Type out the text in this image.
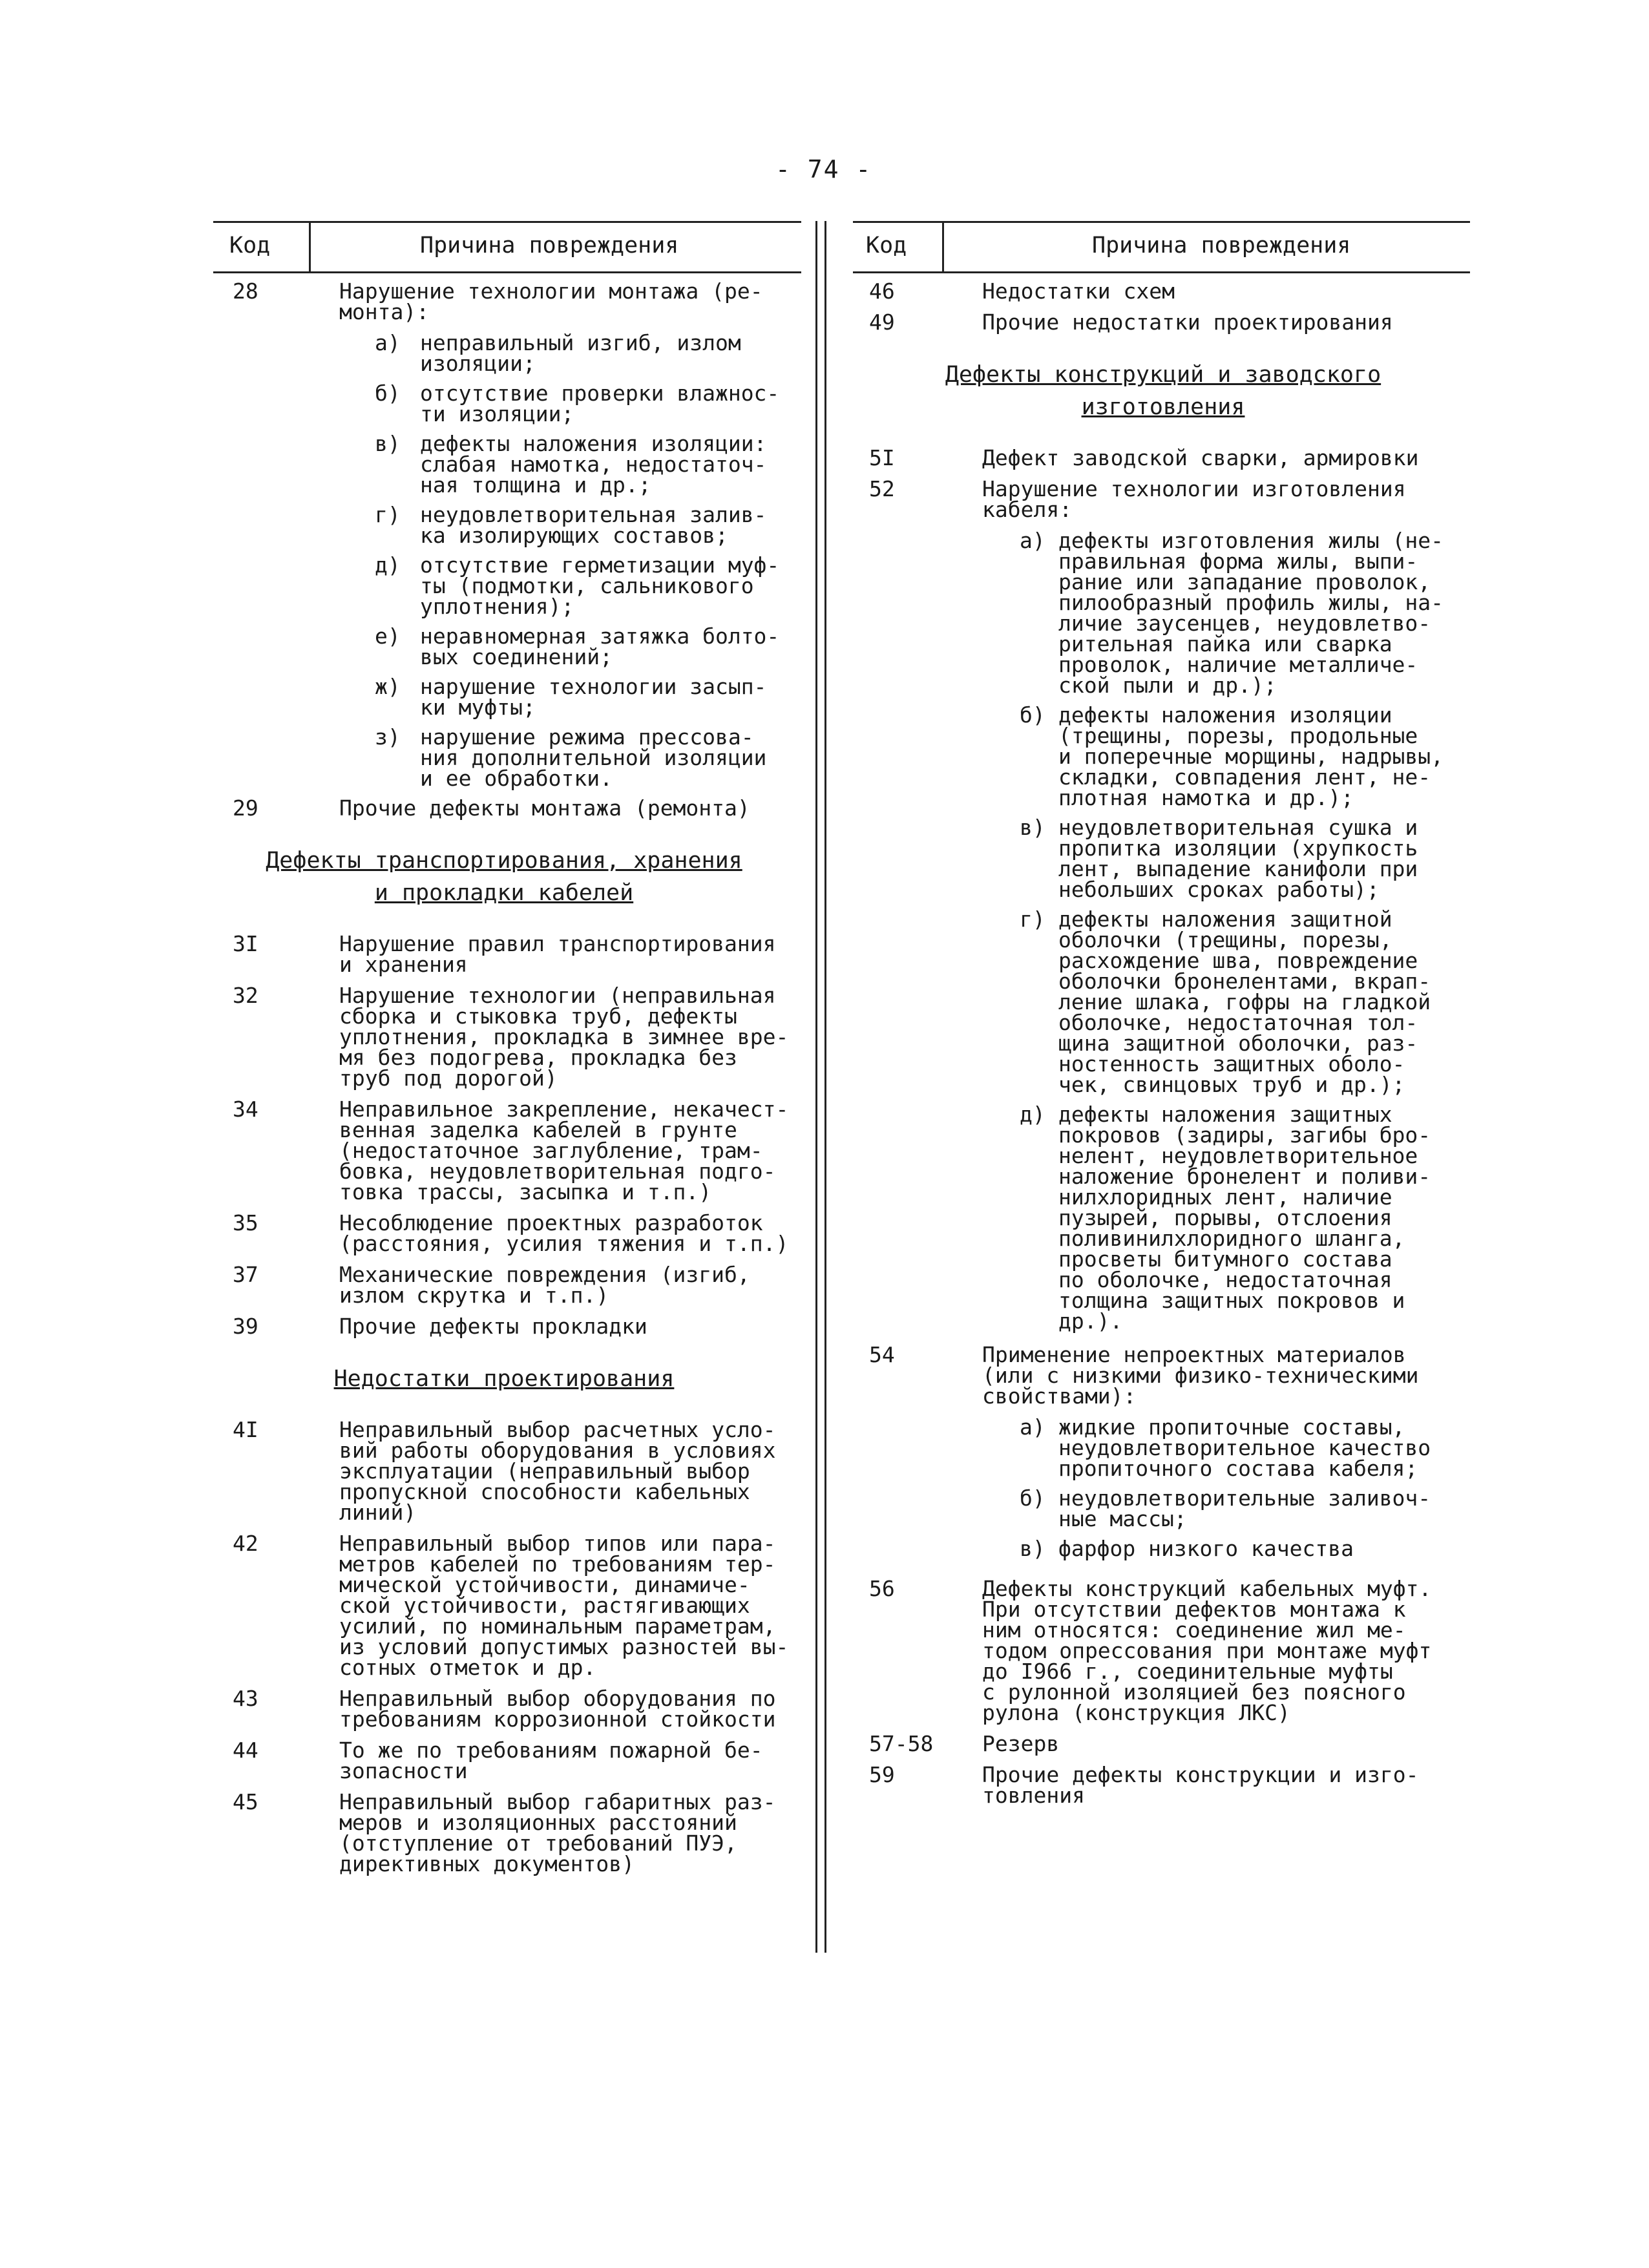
- 74 -
Код	Причина повреждения
28	Нарушение технологии монтажа (ре-
монта):
а) неправильный изгиб, излом
изоляции;
б) отсутствие проверки влажнос-
ти изоляции;
в) дефекты наложения изоляции:
слабая намотка, недостаточ-
ная толщина и др.;
г) неудовлетворительная залив-
ка изолирующих составов;
д) отсутствие герметизации муф-
ты (подмотки, сальникового
уплотнения);
е) неравномерная затяжка болто-
вых соединений;
ж) нарушение технологии засып-
ки муфты;
з) нарушение режима прессова-
ния дополнительной изоляции
и ее обработки.
29	Прочие дефекты монтажа (ремонта)
Дефекты транспортирования, хранения
и прокладки кабелей
3I	Нарушение правил транспортирования
и хранения
32	Нарушение технологии (неправильная
сборка и стыковка труб, дефекты
уплотнения, прокладка в зимнее вре-
мя без подогрева, прокладка без
труб под дорогой)
34	Неправильное закрепление, некачест-
венная заделка кабелей в грунте
(недостаточное заглубление, трам-
бовка, неудовлетворительная подго-
товка трассы, засыпка и т.п.)
35	Несоблюдение проектных разработок
(расстояния, усилия тяжения и т.п.)
37	Механические повреждения (изгиб,
излом скрутка и т.п.)
39	Прочие дефекты прокладки
Недостатки проектирования
4I	Неправильный выбор расчетных усло-
вий работы оборудования в условиях
эксплуатации (неправильный выбор
пропускной способности кабельных
линий)
42	Неправильный выбор типов или пара-
метров кабелей по требованиям тер-
мической устойчивости, динамиче-
ской устойчивости, растягивающих
усилий, по номинальным параметрам,
из условий допустимых разностей вы-
сотных отметок и др.
43	Неправильный выбор оборудования по
требованиям коррозионной стойкости
44	То же по требованиям пожарной бе-
зопасности
45	Неправильный выбор габаритных раз-
меров и изоляционных расстояний
(отступление от требований ПУЭ,
директивных документов)
Код	Причина повреждения
46	Недостатки схем
49	Прочие недостатки проектирования
Дефекты конструкций и заводского
изготовления
5I	Дефект заводской сварки, армировки
52	Нарушение технологии изготовления
кабеля:
а) дефекты изготовления жилы (не-
правильная форма жилы, выпи-
рание или западание проволок,
пилообразный профиль жилы, на-
личие заусенцев, неудовлетво-
рительная пайка или сварка
проволок, наличие металличе-
ской пыли и др.);
б) дефекты наложения изоляции
(трещины, порезы, продольные
и поперечные морщины, надрывы,
складки, совпадения лент, не-
плотная намотка и др.);
в) неудовлетворительная сушка и
пропитка изоляции (хрупкость
лент, выпадение канифоли при
небольших сроках работы);
г) дефекты наложения защитной
оболочки (трещины, порезы,
расхождение шва, повреждение
оболочки бронелентами, вкрап-
ление шлака, гофры на гладкой
оболочке, недостаточная тол-
щина защитной оболочки, раз-
ностенность защитных оболо-
чек, свинцовых труб и др.);
д) дефекты наложения защитных
покровов (задиры, загибы бро-
нелент, неудовлетворительное
наложение бронелент и поливи-
нилхлоридных лент, наличие
пузырей, порывы, отслоения
поливинилхлоридного шланга,
просветы битумного состава
по оболочке, недостаточная
толщина защитных покровов и
др.).
54	Применение непроектных материалов
(или с низкими физико-техническими
свойствами):
а) жидкие пропиточные составы,
неудовлетворительное качество
пропиточного состава кабеля;
б) неудовлетворительные заливоч-
ные массы;
в) фарфор низкого качества
56	Дефекты конструкций кабельных муфт.
При отсутствии дефектов монтажа к
ним относятся: соединение жил ме-
тодом опрессования при монтаже муфт
до I966 г., соединительные муфты
с рулонной изоляцией без поясного
рулона (конструкция ЛКС)
57-58 Резерв
59	Прочие дефекты конструкции и изго-
товления
